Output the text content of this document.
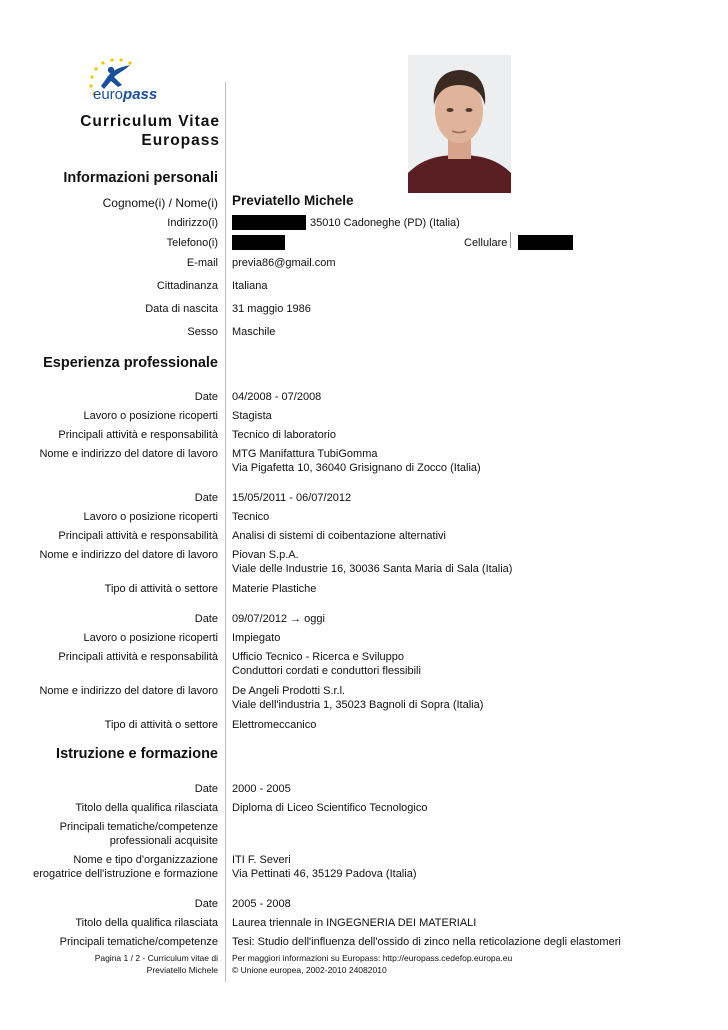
europass
Curriculum Vitae
Europass
Informazioni personali
Cognome(i) / Nome(i) Previatello Michele
Indirizzo(i)	35010 Cadoneghe (PD) (Italia)
Telefono(i)	Cellulare
E-mail previa86@gmail.com
Cittadinanza Italiana
Data di nascita 31 maggio 1986
Sesso Maschile
Esperienza professionale
Date 04/2008 - 07/2008
Lavoro o posizione ricoperti Stagista
Principali attività e responsabilità Tecnico di laboratorio
Nome e indirizzo del datore di lavoro MTG Manifattura TubiGomma
Via Pigafetta 10, 36040 Grisignano di Zocco (Italia)
Date 15/05/2011 - 06/07/2012
Lavoro o posizione ricoperti Tecnico
Principali attività e responsabilità Analisi di sistemi di coibentazione alternativi
Nome e indirizzo del datore di lavoro Piovan S.p.A.
Viale delle Industrie 16, 30036 Santa Maria di Sala (Italia)
Tipo di attività o settore Materie Plastiche
Date 09/07/2012 → oggi
Lavoro o posizione ricoperti Impiegato
Principali attività e responsabilità Ufficio Tecnico - Ricerca e Sviluppo
Conduttori cordati e conduttori flessibili
Nome e indirizzo del datore di lavoro De Angeli Prodotti S.r.l.
Viale dell'industria 1, 35023 Bagnoli di Sopra (Italia)
Tipo di attività o settore Elettromeccanico
Istruzione e formazione
Date 2000 - 2005
Titolo della qualifica rilasciata Diploma di Liceo Scientifico Tecnologico
Principali tematiche/competenze
professionali acquisite
Nome e tipo d'organizzazione
erogatrice dell'istruzione e formazione
ITI F. Severi
Via Pettinati 46, 35129 Padova (Italia)
Date 2005 - 2008
Titolo della qualifica rilasciata Laurea triennale in INGEGNERIA DEI MATERIALI
Principali tematiche/competenze Tesi: Studio dell'influenza dell'ossido di zinco nella reticolazione degli elastomeri
Pagina 1 / 2 - Curriculum vitae di
Previatello Michele
Per maggiori informazioni su Europass: http://europass.cedefop.europa.eu
© Unione europea, 2002-2010 24082010
